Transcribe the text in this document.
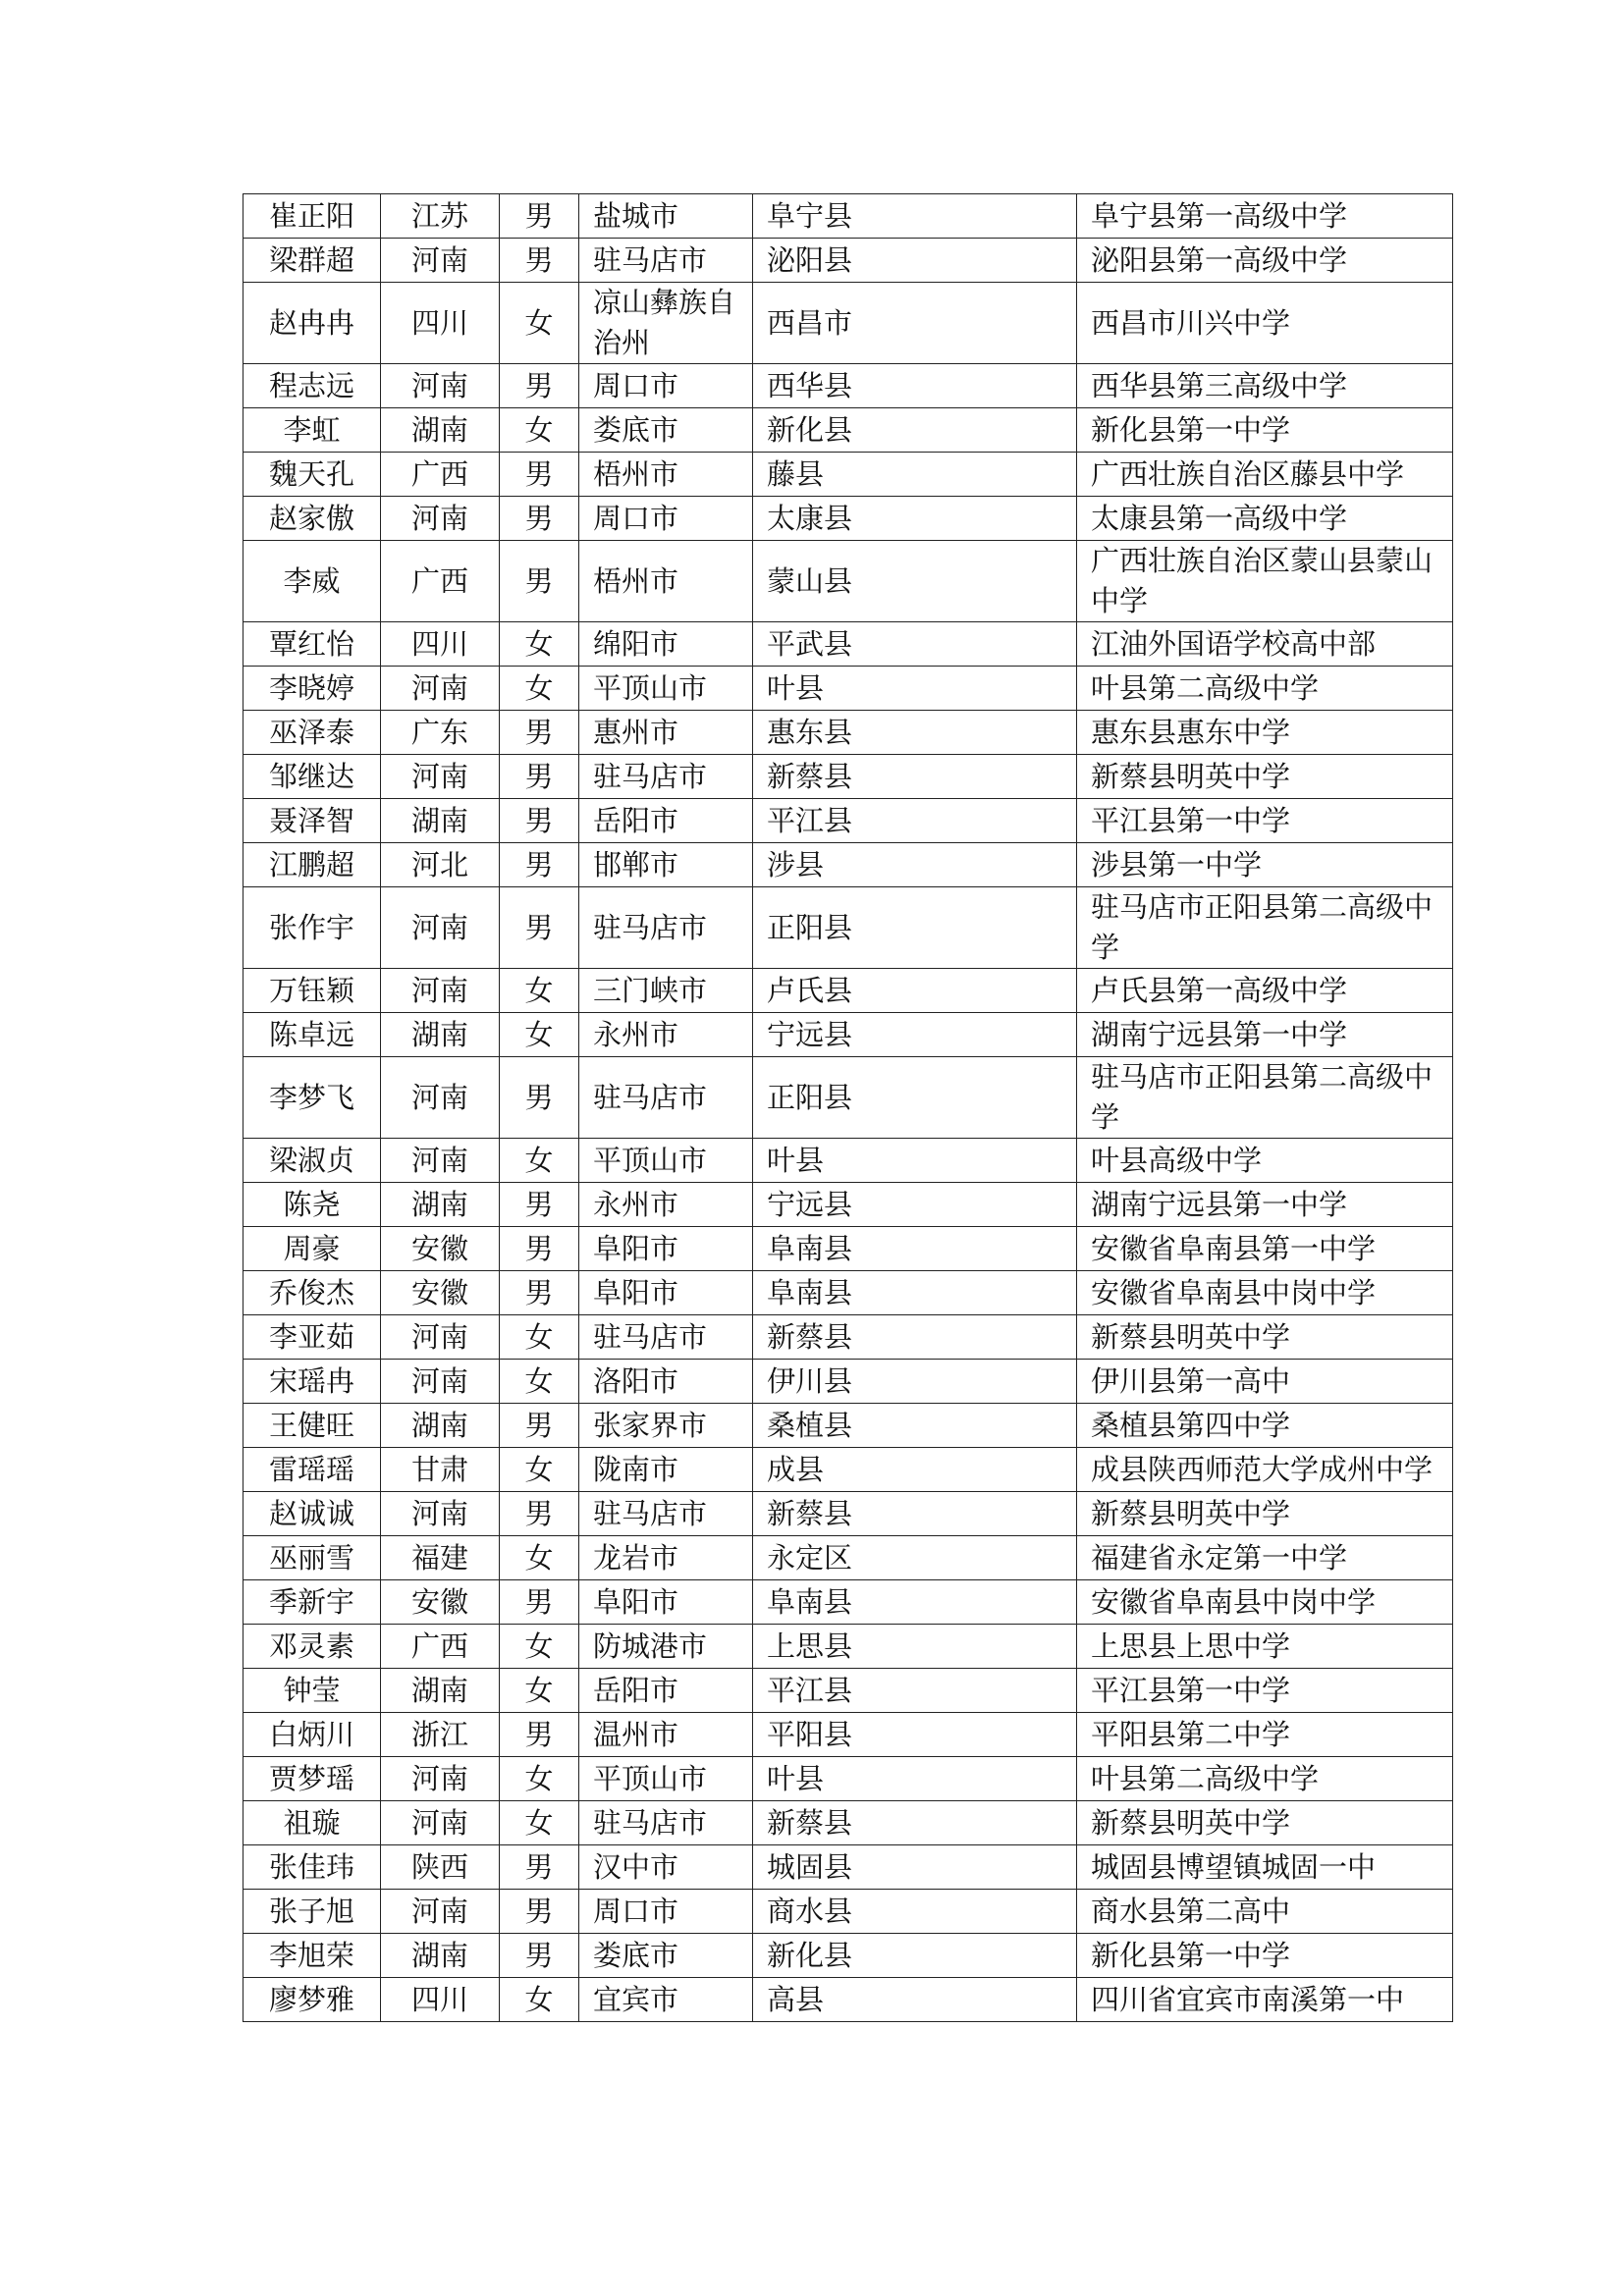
崔正阳	江苏	男	盐城市	阜宁县	阜宁县第一高级中学
梁群超	河南	男	驻马店市	泌阳县	泌阳县第一高级中学
赵冉冉	四川	女	凉山彝族自治州	西昌市	西昌市川兴中学
程志远	河南	男	周口市	西华县	西华县第三高级中学
李虹	湖南	女	娄底市	新化县	新化县第一中学
魏天孔	广西	男	梧州市	藤县	广西壮族自治区藤县中学
赵家傲	河南	男	周口市	太康县	太康县第一高级中学
李威	广西	男	梧州市	蒙山县	广西壮族自治区蒙山县蒙山中学
覃红怡	四川	女	绵阳市	平武县	江油外国语学校高中部
李晓婷	河南	女	平顶山市	叶县	叶县第二高级中学
巫泽泰	广东	男	惠州市	惠东县	惠东县惠东中学
邹继达	河南	男	驻马店市	新蔡县	新蔡县明英中学
聂泽智	湖南	男	岳阳市	平江县	平江县第一中学
江鹏超	河北	男	邯郸市	涉县	涉县第一中学
张作宇	河南	男	驻马店市	正阳县	驻马店市正阳县第二高级中学
万钰颖	河南	女	三门峡市	卢氏县	卢氏县第一高级中学
陈卓远	湖南	女	永州市	宁远县	湖南宁远县第一中学
李梦飞	河南	男	驻马店市	正阳县	驻马店市正阳县第二高级中学
梁淑贞	河南	女	平顶山市	叶县	叶县高级中学
陈尧	湖南	男	永州市	宁远县	湖南宁远县第一中学
周豪	安徽	男	阜阳市	阜南县	安徽省阜南县第一中学
乔俊杰	安徽	男	阜阳市	阜南县	安徽省阜南县中岗中学
李亚茹	河南	女	驻马店市	新蔡县	新蔡县明英中学
宋瑶冉	河南	女	洛阳市	伊川县	伊川县第一高中
王健旺	湖南	男	张家界市	桑植县	桑植县第四中学
雷瑶瑶	甘肃	女	陇南市	成县	成县陕西师范大学成州中学
赵诚诚	河南	男	驻马店市	新蔡县	新蔡县明英中学
巫丽雪	福建	女	龙岩市	永定区	福建省永定第一中学
季新宇	安徽	男	阜阳市	阜南县	安徽省阜南县中岗中学
邓灵素	广西	女	防城港市	上思县	上思县上思中学
钟莹	湖南	女	岳阳市	平江县	平江县第一中学
白炳川	浙江	男	温州市	平阳县	平阳县第二中学
贾梦瑶	河南	女	平顶山市	叶县	叶县第二高级中学
祖璇	河南	女	驻马店市	新蔡县	新蔡县明英中学
张佳玮	陕西	男	汉中市	城固县	城固县博望镇城固一中
张子旭	河南	男	周口市	商水县	商水县第二高中
李旭荣	湖南	男	娄底市	新化县	新化县第一中学
廖梦雅	四川	女	宜宾市	高县	四川省宜宾市南溪第一中
